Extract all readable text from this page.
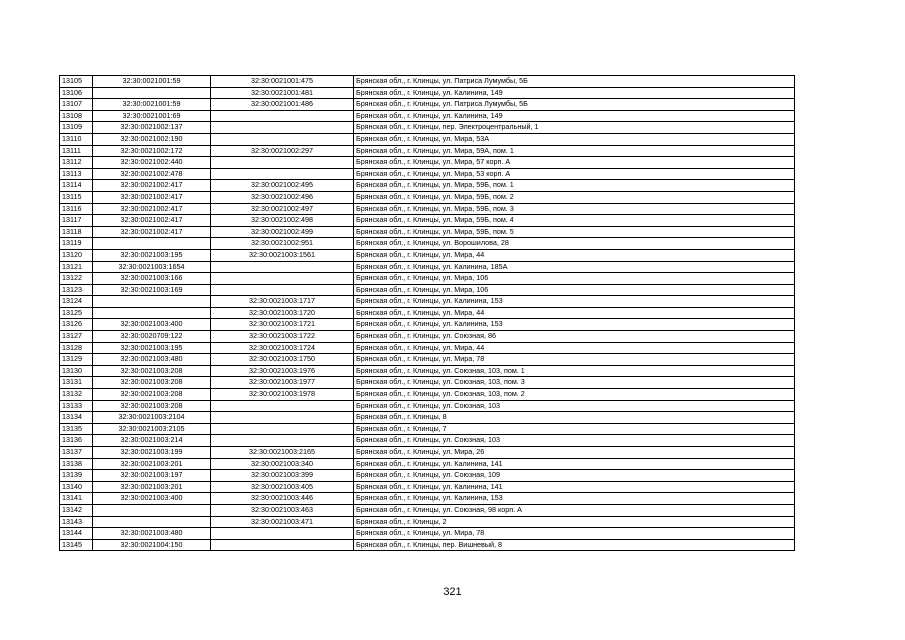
13105	32:30:0021001:59	32:30:0021001:475	Брянская обл., г. Клинцы, ул. Патриса Лумумбы, 5Б
13106		32:30:0021001:481	Брянская обл., г. Клинцы, ул. Калинина, 149
13107	32:30:0021001:59	32:30:0021001:486	Брянская обл., г. Клинцы, ул. Патриса Лумумбы, 5Б
13108	32:30:0021001:69		Брянская обл., г. Клинцы, ул. Калинина, 149
13109	32:30:0021002:137		Брянская обл., г. Клинцы, пер. Электроцентральный, 1
13110	32:30:0021002:190		Брянская обл., г. Клинцы, ул. Мира, 53А
13111	32:30:0021002:172	32:30:0021002:297	Брянская обл., г. Клинцы, ул. Мира, 59А, пом. 1
13112	32:30:0021002:440		Брянская обл., г. Клинцы, ул. Мира, 57 корп. А
13113	32:30:0021002:478		Брянская обл., г. Клинцы, ул. Мира, 53 корп. А
13114	32:30:0021002:417	32:30:0021002:495	Брянская обл., г. Клинцы, ул. Мира, 59Б, пом. 1
13115	32:30:0021002:417	32:30:0021002:496	Брянская обл., г. Клинцы, ул. Мира, 59Б, пом. 2
13116	32:30:0021002:417	32:30:0021002:497	Брянская обл., г. Клинцы, ул. Мира, 59Б, пом. 3
13117	32:30:0021002:417	32:30:0021002:498	Брянская обл., г. Клинцы, ул. Мира, 59Б, пом. 4
13118	32:30:0021002:417	32:30:0021002:499	Брянская обл., г. Клинцы, ул. Мира, 59Б, пом. 5
13119		32:30:0021002:951	Брянская обл., г. Клинцы, ул. Ворошилова, 28
13120	32:30:0021003:195	32:30:0021003:1561	Брянская обл., г. Клинцы, ул. Мира, 44
13121	32:30:0021003:1654		Брянская обл., г. Клинцы, ул. Калинина, 185А
13122	32:30:0021003:166		Брянская обл., г. Клинцы, ул. Мира, 106
13123	32:30:0021003:169		Брянская обл., г. Клинцы, ул. Мира, 106
13124		32:30:0021003:1717	Брянская обл., г. Клинцы, ул. Калинина, 153
13125		32:30:0021003:1720	Брянская обл., г. Клинцы, ул. Мира, 44
13126	32:30:0021003:400	32:30:0021003:1721	Брянская обл., г. Клинцы, ул. Калинина, 153
13127	32:30:0020709:122	32:30:0021003:1722	Брянская обл., г. Клинцы, ул. Союзная, 86
13128	32:30:0021003:195	32:30:0021003:1724	Брянская обл., г. Клинцы, ул. Мира, 44
13129	32:30:0021003:480	32:30:0021003:1750	Брянская обл., г. Клинцы, ул. Мира, 78
13130	32:30:0021003:208	32:30:0021003:1976	Брянская обл., г. Клинцы, ул. Союзная, 103, пом. 1
13131	32:30:0021003:208	32:30:0021003:1977	Брянская обл., г. Клинцы, ул. Союзная, 103, пом. 3
13132	32:30:0021003:208	32:30:0021003:1978	Брянская обл., г. Клинцы, ул. Союзная, 103, пом. 2
13133	32:30:0021003:208		Брянская обл., г. Клинцы, ул. Союзная, 103
13134	32:30:0021003:2104		Брянская обл., г. Клинцы, 8
13135	32:30:0021003:2105		Брянская обл., г. Клинцы, 7
13136	32:30:0021003:214		Брянская обл., г. Клинцы, ул. Союзная, 103
13137	32:30:0021003:199	32:30:0021003:2165	Брянская обл., г. Клинцы, ул. Мира, 26
13138	32:30:0021003:201	32:30:0021003:340	Брянская обл., г. Клинцы, ул. Калинина, 141
13139	32:30:0021003:197	32:30:0021003:399	Брянская обл., г. Клинцы, ул. Союзная, 109
13140	32:30:0021003:201	32:30:0021003:405	Брянская обл., г. Клинцы, ул. Калинина, 141
13141	32:30:0021003:400	32:30:0021003:446	Брянская обл., г. Клинцы, ул. Калинина, 153
13142		32:30:0021003:463	Брянская обл., г. Клинцы, ул. Союзная, 98 корп. А
13143		32:30:0021003:471	Брянская обл., г. Клинцы, 2
13144	32:30:0021003:480		Брянская обл., г. Клинцы, ул. Мира, 78
13145	32:30:0021004:150		Брянская обл., г. Клинцы, пер. Вишневый, 8
321
